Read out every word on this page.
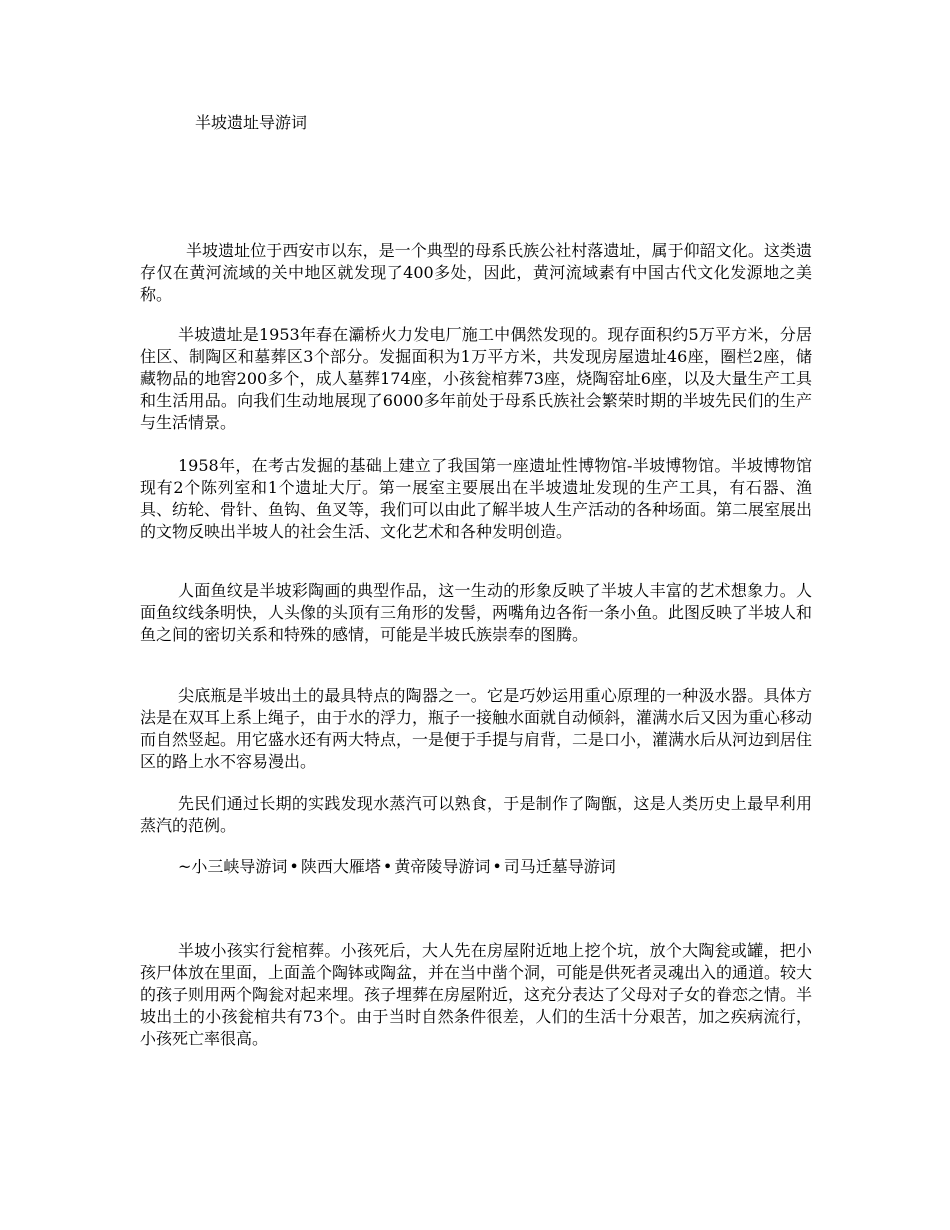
半坡遗址导游词

半坡遗址位于西安市以东，是一个典型的母系氏族公社村落遗址，属于仰韶文化。这类遗存仅在黄河流域的关中地区就发现了400多处，因此，黄河流域素有中国古代文化发源地之美称。

半坡遗址是1953年春在灞桥火力发电厂施工中偶然发现的。现存面积约5万平方米，分居住区、制陶区和墓葬区3个部分。发掘面积为1万平方米，共发现房屋遗址46座，圈栏2座，储藏物品的地窖200多个，成人墓葬174座，小孩瓮棺葬73座，烧陶窑址6座，以及大量生产工具和生活用品。向我们生动地展现了6000多年前处于母系氏族社会繁荣时期的半坡先民们的生产与生活情景。

1958年，在考古发掘的基础上建立了我国第一座遗址性博物馆-半坡博物馆。半坡博物馆现有2个陈列室和1个遗址大厅。第一展室主要展出在半坡遗址发现的生产工具，有石器、渔具、纺轮、骨针、鱼钩、鱼叉等，我们可以由此了解半坡人生产活动的各种场面。第二展室展出的文物反映出半坡人的社会生活、文化艺术和各种发明创造。

人面鱼纹是半坡彩陶画的典型作品，这一生动的形象反映了半坡人丰富的艺术想象力。人面鱼纹线条明快，人头像的头顶有三角形的发髻，两嘴角边各衔一条小鱼。此图反映了半坡人和鱼之间的密切关系和特殊的感情，可能是半坡氏族崇奉的图腾。

尖底瓶是半坡出土的最具特点的陶器之一。它是巧妙运用重心原理的一种汲水器。具体方法是在双耳上系上绳子，由于水的浮力，瓶子一接触水面就自动倾斜，灌满水后又因为重心移动而自然竖起。用它盛水还有两大特点，一是便于手提与肩背，二是口小，灌满水后从河边到居住区的路上水不容易漫出。

先民们通过长期的实践发现水蒸汽可以熟食，于是制作了陶甑，这是人类历史上最早利用蒸汽的范例。

~小三峡导游词 • 陕西大雁塔 • 黄帝陵导游词 • 司马迁墓导游词

半坡小孩实行瓮棺葬。小孩死后，大人先在房屋附近地上挖个坑，放个大陶瓮或罐，把小孩尸体放在里面，上面盖个陶钵或陶盆，并在当中凿个洞，可能是供死者灵魂出入的通道。较大的孩子则用两个陶瓮对起来埋。孩子埋葬在房屋附近，这充分表达了父母对子女的眷恋之情。半坡出土的小孩瓮棺共有73个。由于当时自然条件很差，人们的生活十分艰苦，加之疾病流行，小孩死亡率很高。
